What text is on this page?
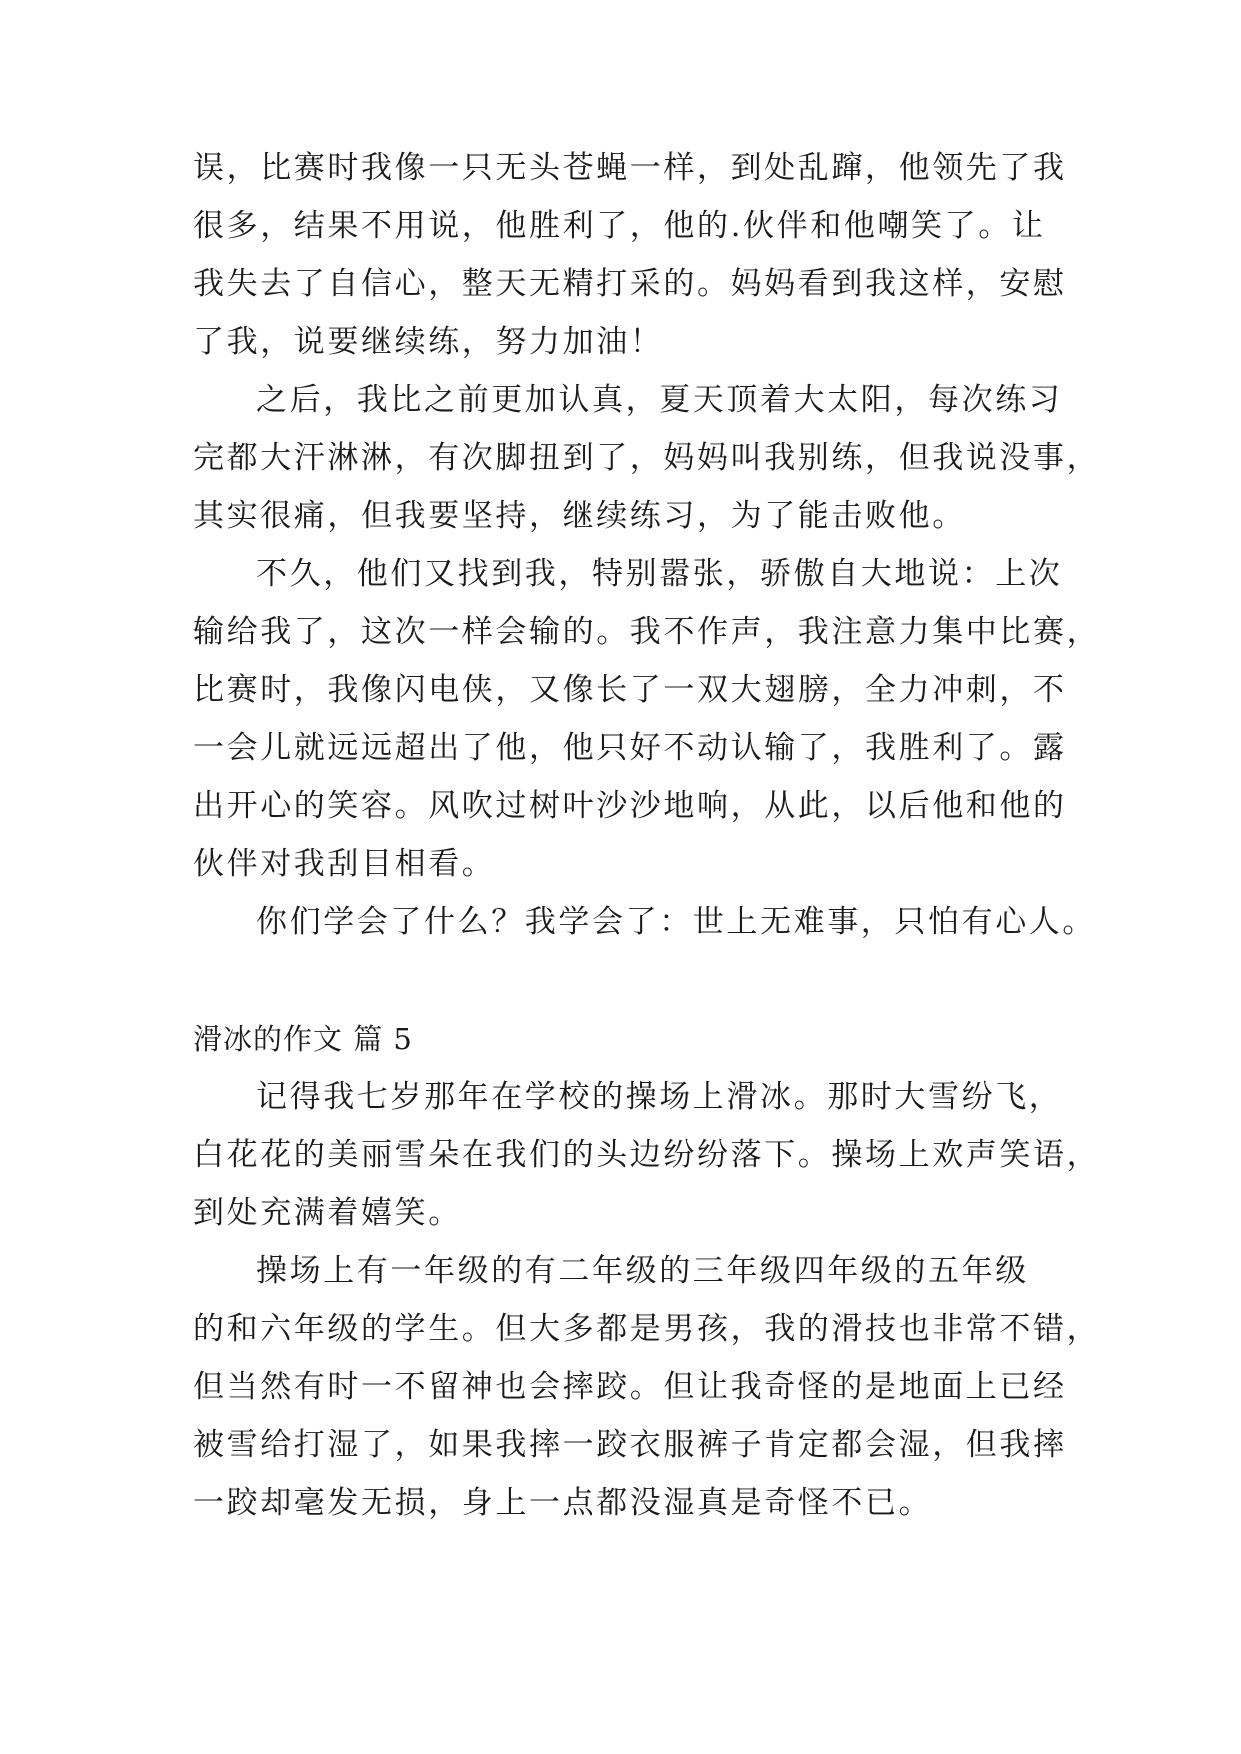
误，比赛时我像一只无头苍蝇一样，到处乱蹿，他领先了我
很多，结果不用说，他胜利了，他的.伙伴和他嘲笑了。让
我失去了自信心，整天无精打采的。妈妈看到我这样，安慰
了我，说要继续练，努力加油！
之后，我比之前更加认真，夏天顶着大太阳，每次练习
完都大汗淋淋，有次脚扭到了，妈妈叫我别练，但我说没事，
其实很痛，但我要坚持，继续练习，为了能击败他。
不久，他们又找到我，特别嚣张，骄傲自大地说：上次
输给我了，这次一样会输的。我不作声，我注意力集中比赛，
比赛时，我像闪电侠，又像长了一双大翅膀，全力冲刺，不
一会儿就远远超出了他，他只好不动认输了，我胜利了。露
出开心的笑容。风吹过树叶沙沙地响，从此，以后他和他的
伙伴对我刮目相看。
你们学会了什么？我学会了：世上无难事，只怕有心人。
滑冰的作文 篇 5
记得我七岁那年在学校的操场上滑冰。那时大雪纷飞，
白花花的美丽雪朵在我们的头边纷纷落下。操场上欢声笑语，
到处充满着嬉笑。
操场上有一年级的有二年级的三年级四年级的五年级
的和六年级的学生。但大多都是男孩，我的滑技也非常不错，
但当然有时一不留神也会摔跤。但让我奇怪的是地面上已经
被雪给打湿了，如果我摔一跤衣服裤子肯定都会湿，但我摔
一跤却毫发无损，身上一点都没湿真是奇怪不已。
